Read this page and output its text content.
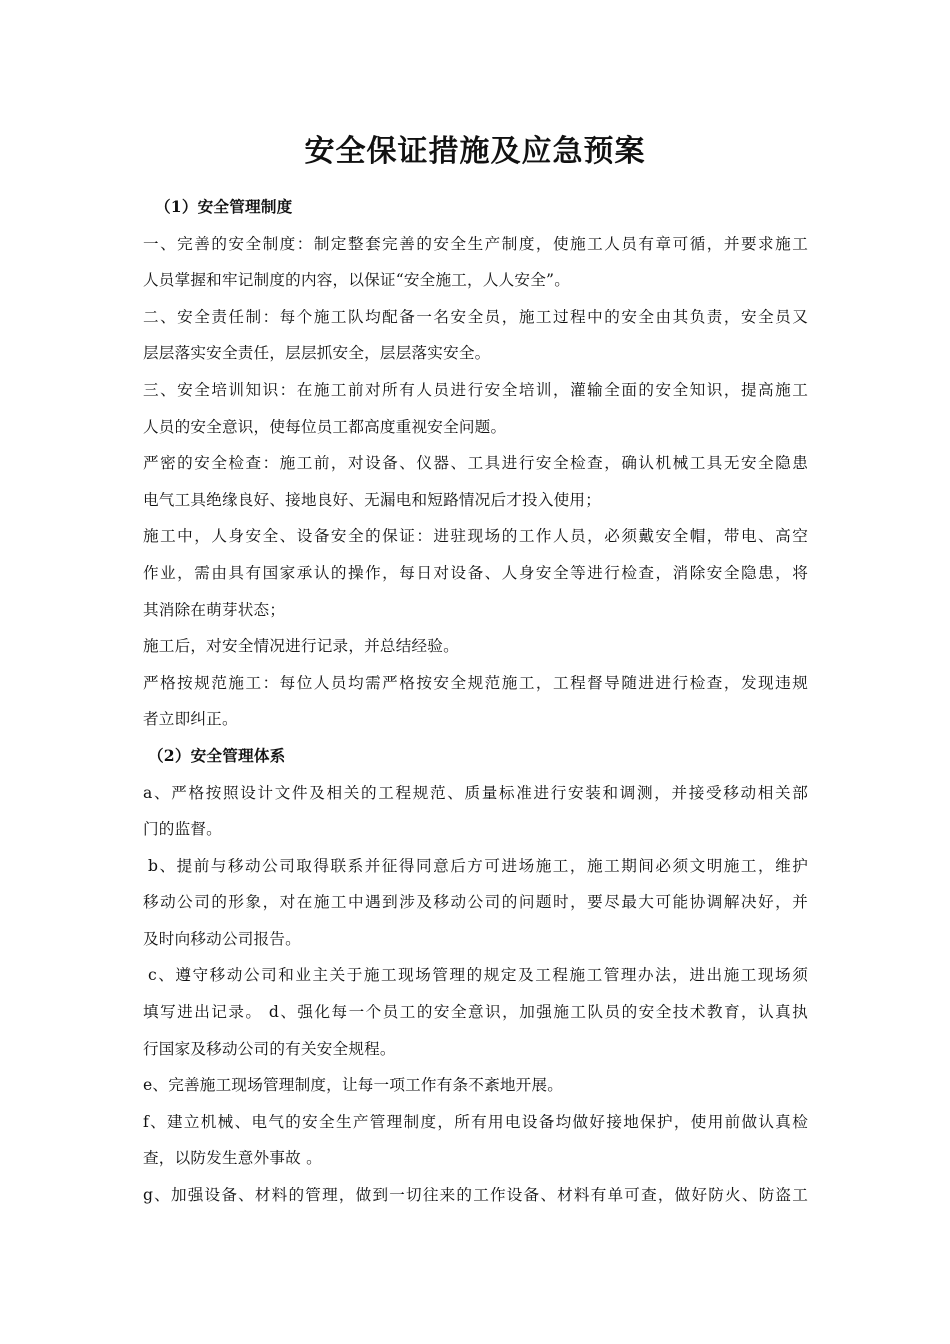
安全保证措施及应急预案
（1）安全管理制度
一、完善的安全制度：制定整套完善的安全生产制度，使施工人员有章可循，并要求施工
人员掌握和牢记制度的内容，以保证“安全施工，人人安全”。
二、安全责任制：每个施工队均配备一名安全员，施工过程中的安全由其负责，安全员又
层层落实安全责任，层层抓安全，层层落实安全。
三、安全培训知识：在施工前对所有人员进行安全培训，灌输全面的安全知识，提高施工
人员的安全意识，使每位员工都高度重视安全问题。
严密的安全检查：施工前，对设备、仪器、工具进行安全检查，确认机械工具无安全隐患
电气工具绝缘良好、接地良好、无漏电和短路情况后才投入使用；
施工中，人身安全、设备安全的保证：进驻现场的工作人员，必须戴安全帽，带电、高空
作业，需由具有国家承认的操作，每日对设备、人身安全等进行检查，消除安全隐患，将
其消除在萌芽状态；
施工后，对安全情况进行记录，并总结经验。
严格按规范施工：每位人员均需严格按安全规范施工，工程督导随进进行检查，发现违规
者立即纠正。
（2）安全管理体系
a、严格按照设计文件及相关的工程规范、质量标准进行安装和调测，并接受移动相关部
门的监督。
b、提前与移动公司取得联系并征得同意后方可进场施工，施工期间必须文明施工，维护
移动公司的形象，对在施工中遇到涉及移动公司的问题时，要尽最大可能协调解决好，并
及时向移动公司报告。
c、遵守移动公司和业主关于施工现场管理的规定及工程施工管理办法，进出施工现场须
填写进出记录。 d、强化每一个员工的安全意识，加强施工队员的安全技术教育，认真执
行国家及移动公司的有关安全规程。
e、完善施工现场管理制度，让每一项工作有条不紊地开展。
f、建立机械、电气的安全生产管理制度，所有用电设备均做好接地保护，使用前做认真检
查，以防发生意外事故 。
g、加强设备、材料的管理，做到一切往来的工作设备、材料有单可查，做好防火、防盗工
